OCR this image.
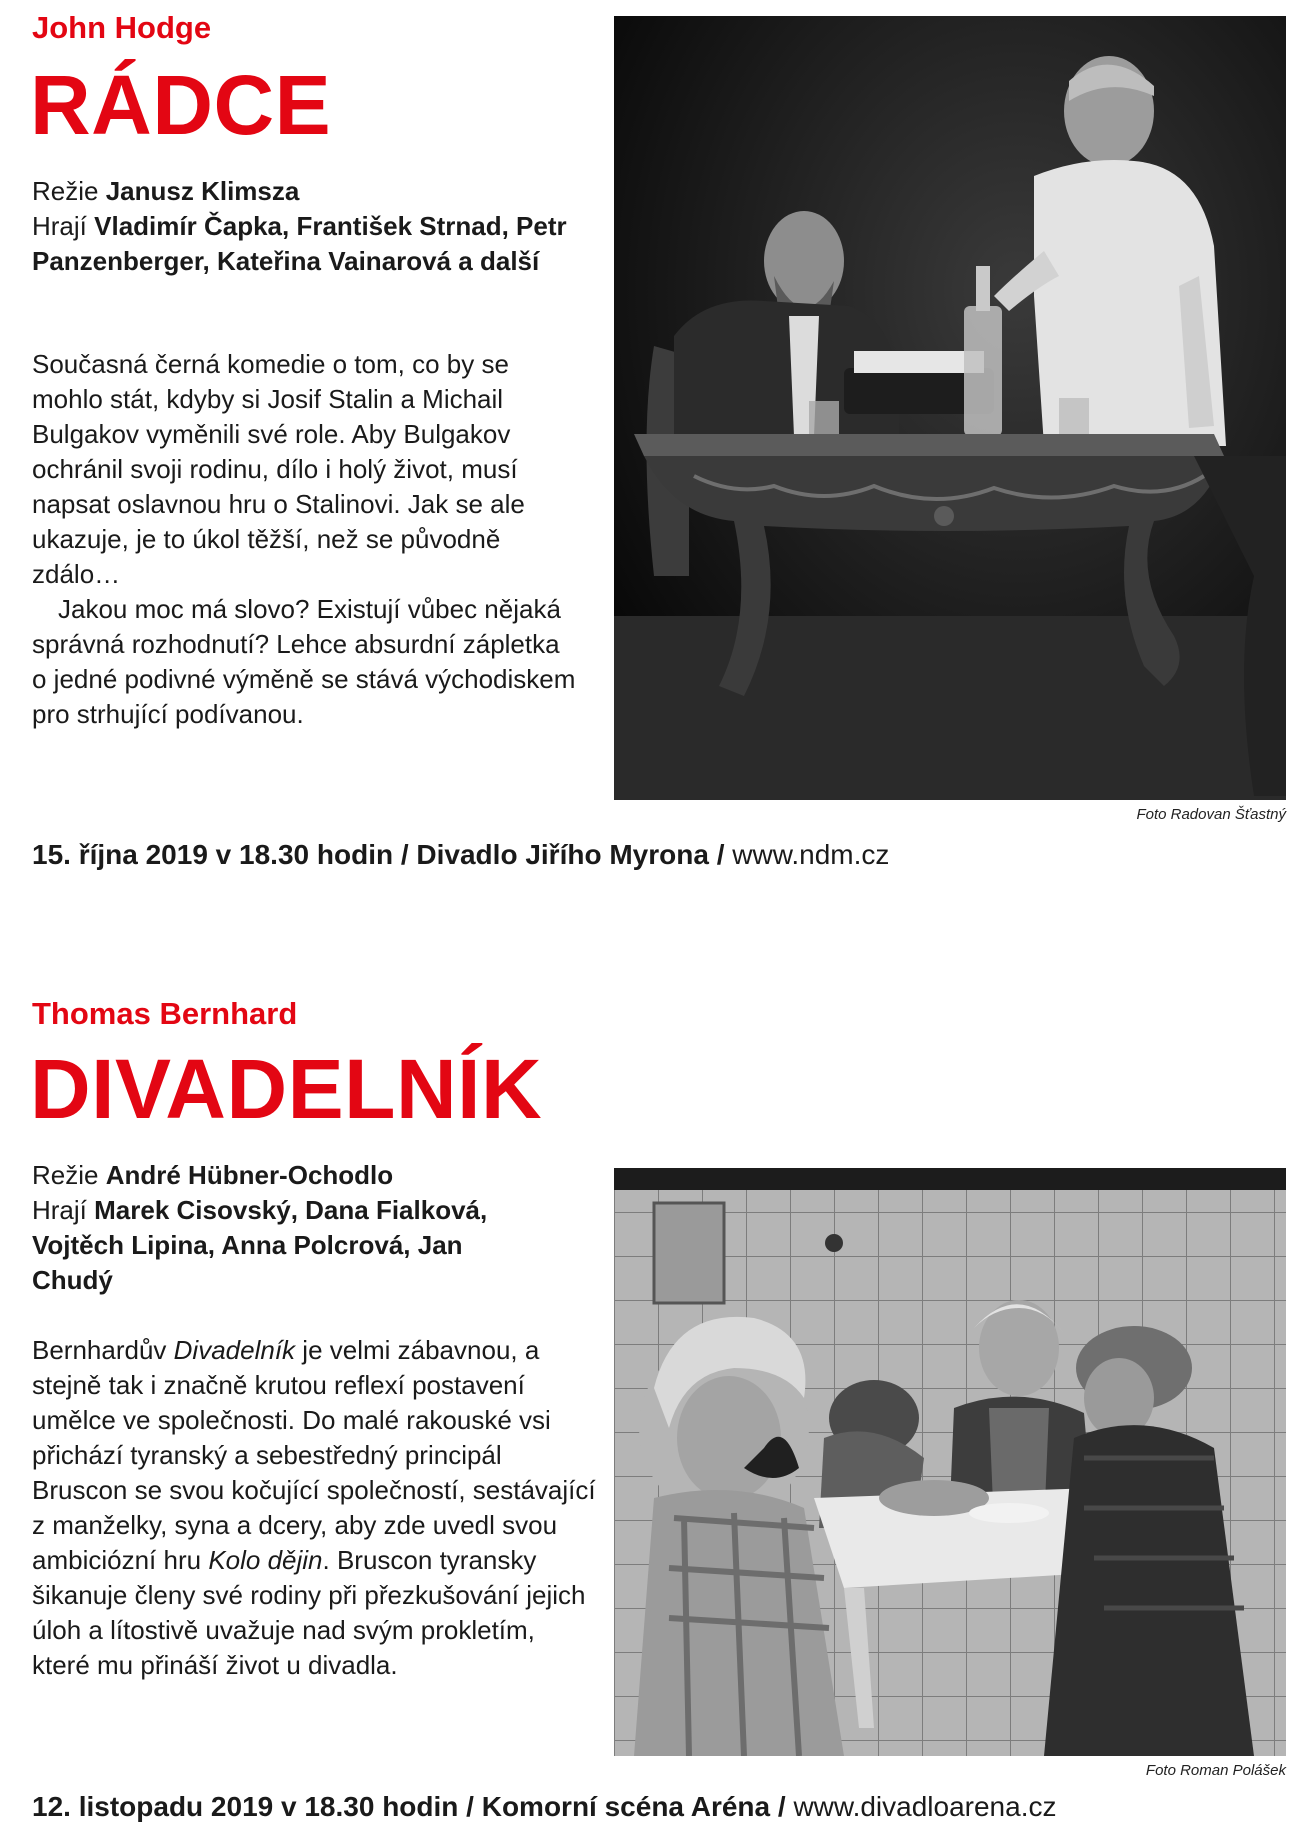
John Hodge
RÁDCE
Režie Janusz Klimsza
Hrají Vladimír Čapka, František Strnad, Petr Panzenberger, Kateřina Vainarová a další

Současná černá komedie o tom, co by se mohlo stát, kdyby si Josif Stalin a Michail Bulgakov vyměnili své role. Aby Bulgakov ochránil svoji rodinu, dílo i holý život, musí napsat oslavnou hru o Stalinovi. Jak se ale ukazuje, je to úkol těžší, než se původně zdálo…

Jakou moc má slovo? Existují vůbec nějaká správná rozhodnutí? Lehce absurdní zápletka o jedné podivné výměně se stává východiskem pro strhující podívanou.

Foto Radovan Šťastný
15. října 2019 v 18.30 hodin / Divadlo Jiřího Myrona / www.ndm.cz
Thomas Bernhard
DIVADELNÍK
Režie André Hübner-Ochodlo
Hrají Marek Cisovský, Dana Fialková, Vojtěch Lipina, Anna Polcrová, Jan Chudý

Bernhardův Divadelník je velmi zábavnou, a stejně tak i značně krutou reflexí postavení umělce ve společnosti. Do malé rakouské vsi přichází tyranský a sebestředný principál Bruscon se svou kočující společností, sestávající z manželky, syna a dcery, aby zde uvedl svou ambiciózní hru Kolo dějin. Bruscon tyransky šikanuje členy své rodiny při přezkušování jejich úloh a lítostivě uvažuje nad svým prokletím, které mu přináší život u divadla.

Foto Roman Polášek
12. listopadu 2019 v 18.30 hodin / Komorní scéna Aréna / www.divadloarena.cz
